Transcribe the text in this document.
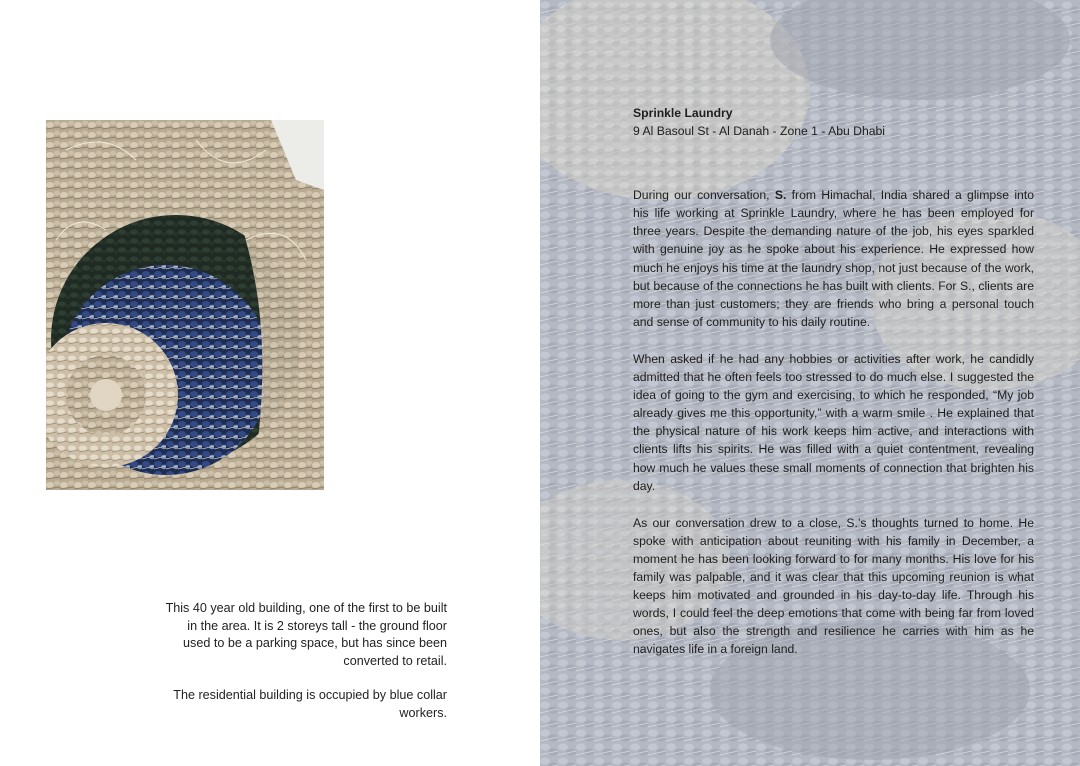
This 40 year old building, one of the first to be built in the area. It is 2 storeys tall - the ground floor used to be a parking space, but has since been converted to retail.

The residential building is occupied by blue collar workers.

Sprinkle Laundry

9 Al Basoul St - Al Danah - Zone 1 - Abu Dhabi

During our conversation, S. from Himachal, India shared a glimpse into his life working at Sprinkle Laundry, where he has been employed for three years. Despite the demanding nature of the job, his eyes sparkled with genuine joy as he spoke about his experience. He expressed how much he enjoys his time at the laundry shop, not just because of the work, but because of the connections he has built with clients. For S., clients are more than just customers; they are friends who bring a personal touch and sense of community to his daily routine.

When asked if he had any hobbies or activities after work, he candidly admitted that he often feels too stressed to do much else. I suggested the idea of going to the gym and exercising, to which he responded, “My job already gives me this opportunity,” with a warm smile . He explained that the physical nature of his work keeps him active, and interactions with clients lifts his spirits. He was filled with a quiet contentment, revealing how much he values these small moments of connection that brighten his day.

As our conversation drew to a close, S.’s thoughts turned to home. He spoke with anticipation about reuniting with his family in December, a moment he has been looking forward to for many months. His love for his family was palpable, and it was clear that this upcoming reunion is what keeps him motivated and grounded in his day-to-day life. Through his words, I could feel the deep emotions that come with being far from loved ones, but also the strength and resilience he carries with him as he navigates life in a foreign land.
